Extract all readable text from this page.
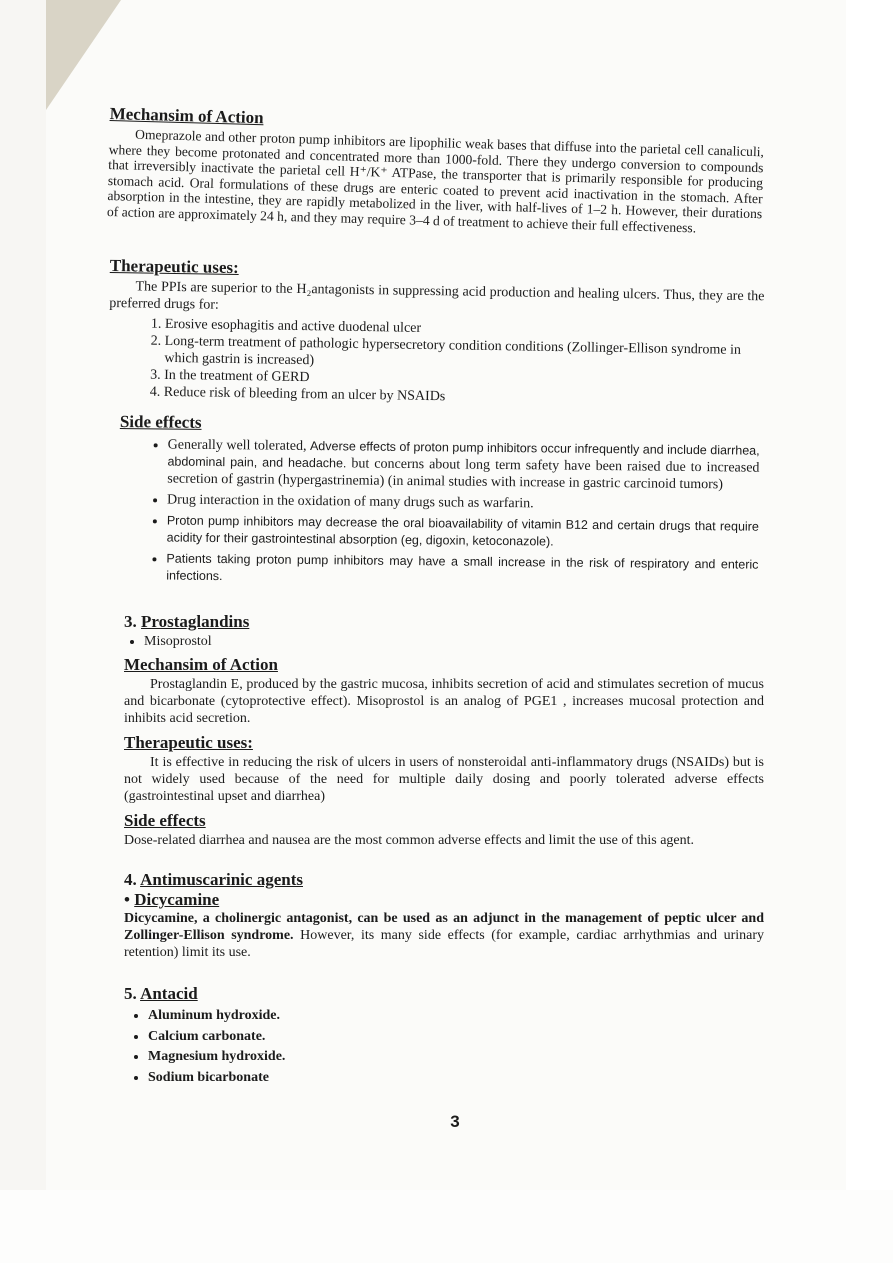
Mechansim of Action

Omeprazole and other proton pump inhibitors are lipophilic weak bases that diffuse into the parietal cell canaliculi, where they become protonated and concentrated more than 1000-fold. There they undergo conversion to compounds that irreversibly inactivate the parietal cell H⁺/K⁺ ATPase, the transporter that is primarily responsible for producing stomach acid. Oral formulations of these drugs are enteric coated to prevent acid inactivation in the stomach. After absorption in the intestine, they are rapidly metabolized in the liver, with half-lives of 1–2 h. However, their durations of action are approximately 24 h, and they may require 3–4 d of treatment to achieve their full effectiveness.

Therapeutic uses:

The PPIs are superior to the H₂antagonists in suppressing acid production and healing ulcers. Thus, they are the preferred drugs for:

1. Erosive esophagitis and active duodenal ulcer
2. Long-term treatment of pathologic hypersecretory condition conditions (Zollinger-Ellison syndrome in which gastrin is increased)
3. In the treatment of GERD
4. Reduce risk of bleeding from an ulcer by NSAIDs
Side effects
• Generally well tolerated, Adverse effects of proton pump inhibitors occur infrequently and include diarrhea, abdominal pain, and headache. but concerns about long term safety have been raised due to increased secretion of gastrin (hypergastrinemia) (in animal studies with increase in gastric carcinoid tumors)
• Drug interaction in the oxidation of many drugs such as warfarin.
• Proton pump inhibitors may decrease the oral bioavailability of vitamin B12 and certain drugs that require acidity for their gastrointestinal absorption (eg, digoxin, ketoconazole).
• Patients taking proton pump inhibitors may have a small increase in the risk of respiratory and enteric infections.
3. Prostaglandins
• Misoprostol
Mechansim of Action

Prostaglandin E, produced by the gastric mucosa, inhibits secretion of acid and stimulates secretion of mucus and bicarbonate (cytoprotective effect). Misoprostol is an analog of PGE1 , increases mucosal protection and inhibits acid secretion.

Therapeutic uses:

It is effective in reducing the risk of ulcers in users of nonsteroidal anti-inflammatory drugs (NSAIDs) but is not widely used because of the need for multiple daily dosing and poorly tolerated adverse effects (gastrointestinal upset and diarrhea)

Side effects

Dose-related diarrhea and nausea are the most common adverse effects and limit the use of this agent.

4. Antimuscarinic agents
• Dicycamine

Dicycamine, a cholinergic antagonist, can be used as an adjunct in the management of peptic ulcer and Zollinger-Ellison syndrome. However, its many side effects (for example, cardiac arrhythmias and urinary retention) limit its use.

5. Antacid
• Aluminum hydroxide.
• Calcium carbonate.
• Magnesium hydroxide.
• Sodium bicarbonate
3
